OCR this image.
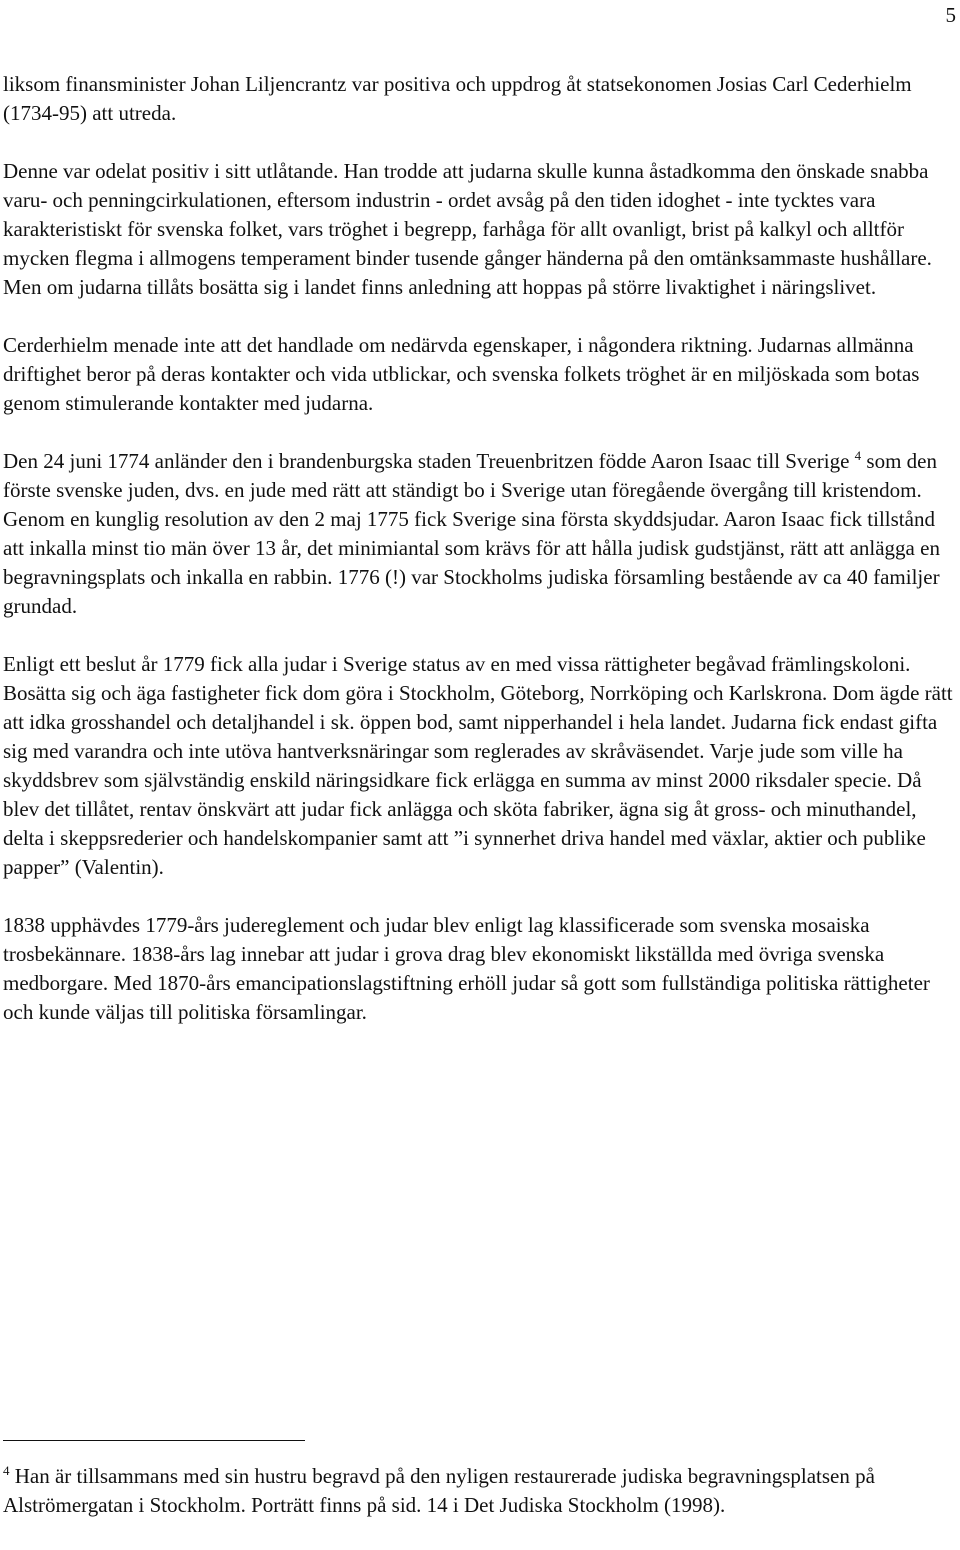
5

liksom finansminister Johan Liljencrantz var positiva och uppdrog åt statsekonomen Josias Carl Cederhielm (1734-95) att utreda.

Denne var odelat positiv i sitt utlåtande. Han trodde att judarna skulle kunna åstadkomma den önskade snabba varu- och penningcirkulationen, eftersom industrin - ordet avsåg på den tiden idoghet - inte tycktes vara karakteristiskt för svenska folket, vars tröghet i begrepp, farhåga för allt ovanligt, brist på kalkyl och alltför mycken flegma i allmogens temperament binder tusende gånger händerna på den omtänksammaste hushållare. Men om judarna tillåts bosätta sig i landet finns anledning att hoppas på större livaktighet i näringslivet.

Cerderhielm menade inte att det handlade om nedärvda egenskaper, i någondera riktning. Judarnas allmänna driftighet beror på deras kontakter och vida utblickar, och svenska folkets tröghet är en miljöskada som botas genom stimulerande kontakter med judarna.

Den 24 juni 1774 anländer den i brandenburgska staden Treuenbritzen födde Aaron Isaac till Sverige $^4$ som den förste svenske juden, dvs. en jude med rätt att ständigt bo i Sverige utan föregående övergång till kristendom. Genom en kunglig resolution av den 2 maj 1775 fick Sverige sina första skyddsjudar. Aaron Isaac fick tillstånd att inkalla minst tio män över 13 år, det minimiantal som krävs för att hålla judisk gudstjänst, rätt att anlägga en begravningsplats och inkalla en rabbin. 1776 (!) var Stockholms judiska församling bestående av ca 40 familjer grundad.

Enligt ett beslut år 1779 fick alla judar i Sverige status av en med vissa rättigheter begåvad främlingskoloni. Bosätta sig och äga fastigheter fick dom göra i Stockholm, Göteborg, Norrköping och Karlskrona. Dom ägde rätt att idka grosshandel och detaljhandel i sk. öppen bod, samt nipperhandel i hela landet. Judarna fick endast gifta sig med varandra och inte utöva hantverksnäringar som reglerades av skråväsendet. Varje jude som ville ha skyddsbrev som självständig enskild näringsidkare fick erlägga en summa av minst 2000 riksdaler specie. Då blev det tillåtet, rentav önskvärt att judar fick anlägga och sköta fabriker, ägna sig åt gross- och minuthandel, delta i skeppsrederier och handelskompanier samt att ”i synnerhet driva handel med växlar, aktier och publike papper” (Valentin).

1838 upphävdes 1779-års judereglement och judar blev enligt lag klassificerade som svenska mosaiska trosbekännare. 1838-års lag innebar att judar i grova drag blev ekonomiskt likställda med övriga svenska medborgare. Med 1870-års emancipationslagstiftning erhöll judar så gott som fullständiga politiska rättigheter och kunde väljas till politiska församlingar.

$^4$ Han är tillsammans med sin hustru begravd på den nyligen restaurerade judiska begravningsplatsen på Alströmergatan i Stockholm. Porträtt finns på sid. 14 i Det Judiska Stockholm (1998).
